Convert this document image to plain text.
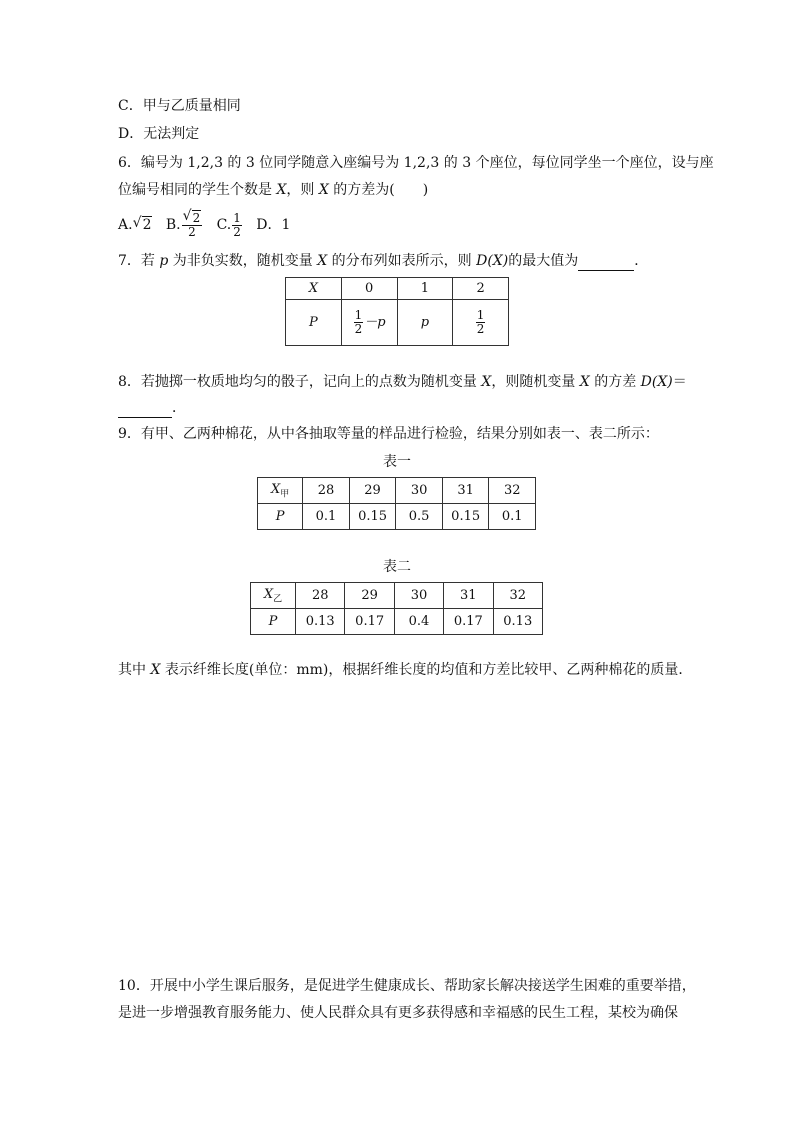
C．甲与乙质量相同
D．无法判定
6．编号为 1,2,3 的 3 位同学随意入座编号为 1,2,3 的 3 个座位，每位同学坐一个座位，设与座
位编号相同的学生个数是 X，则 X 的方差为(　　)
A. √ 2 B. √ $\frac{2}{2} C$. $\frac{1}{2}$ D．1
7．若 p 为非负实数，随机变量 X 的分布列如表所示，则 D(X)的最大值为	．
X	0	1	2
P	$\frac{1}{2} -p$	p	$\frac{1}{2}$
8．若抛掷一枚质地均匀的骰子，记向上的点数为随机变量 X，则随机变量 X 的方差 D(X)＝
．
9．有甲、乙两种棉花，从中各抽取等量的样品进行检验，结果分别如表一、表二所示：
表一
$X_甲$	28	29	30	31	32
P	0.1	0.15	0.5	0.15	0.1
表二
$X_乙$	28	29	30	31	32
P	0.13	0.17	0.4	0.17	0.13
其中 X 表示纤维长度(单位：mm)，根据纤维长度的均值和方差比较甲、乙两种棉花的质量．
10．开展中小学生课后服务，是促进学生健康成长、帮助家长解决接送学生困难的重要举措，
是进一步增强教育服务能力、使人民群众具有更多获得感和幸福感的民生工程，某校为确保
